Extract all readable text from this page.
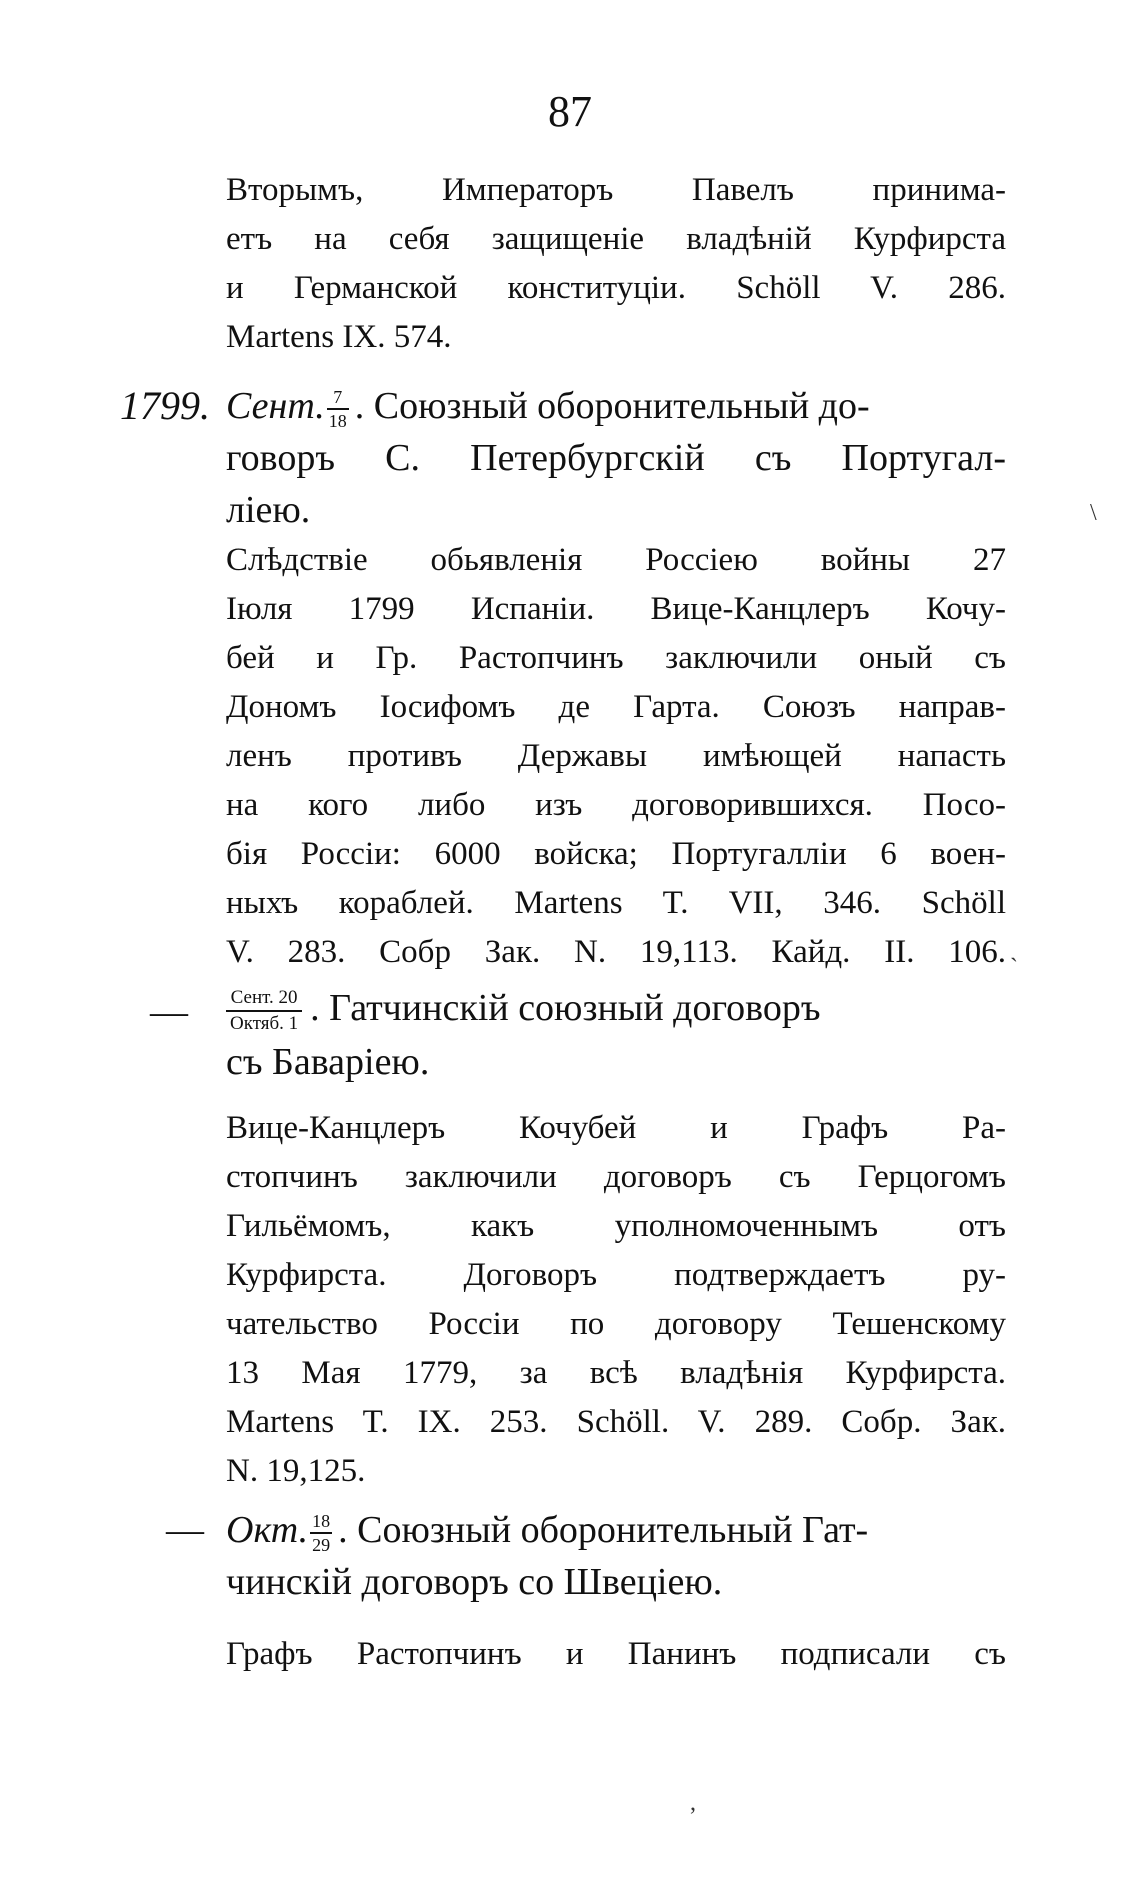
87
Вторымъ, Императоръ Павелъ принима-
етъ на себя защищеніе владѣній Курфирста
и Германской конституціи. Schöll V. 286.
Martens IX. 574.
1799. Сент. $\frac{7}{18}$ . Союзный оборонительный до-
говоръ С. Петербургскій съ Португал-
ліею.
Слѣдствіе обьявленія Россіею войны 27
Іюля 1799 Испаніи. Вице-Канцлеръ Кочу-
бей и Гр. Растопчинъ заключили оный съ
Дономъ Іосифомъ де Гарта. Союзъ направ-
ленъ противъ Державы имѣющей напасть
на кого либо изъ договорившихся. Посо-
бія Россіи: 6000 войска; Португалліи 6 воен-
ныхъ кораблей. Martens T. VII, 346. Schöll
V. 283. Собр Зак. N. 19,113. Кайд. II. 106.
— $\frac{\text{Сент. 20}}{\text{Октяб. 1}}$ . Гатчинскій союзный договоръ
съ Баваріею.
Вице-Канцлеръ Кочубей и Графъ Ра-
стопчинъ заключили договоръ съ Герцогомъ
Гильёмомъ, какъ уполномоченнымъ отъ
Курфирста. Договоръ подтверждаетъ ру-
чательство Россіи по договору Тешенскому
13 Мая 1779, за всѣ владѣнія Курфирста.
Martens T. IX. 253. Schöll. V. 289. Собр. Зак.
N. 19,125.
— Окт. $\frac{18}{29}$ . Союзный оборонительный Гат-
чинскій договоръ со Швеціею.
Графъ Растопчинъ и Панинъ подписали съ
\
`
,
